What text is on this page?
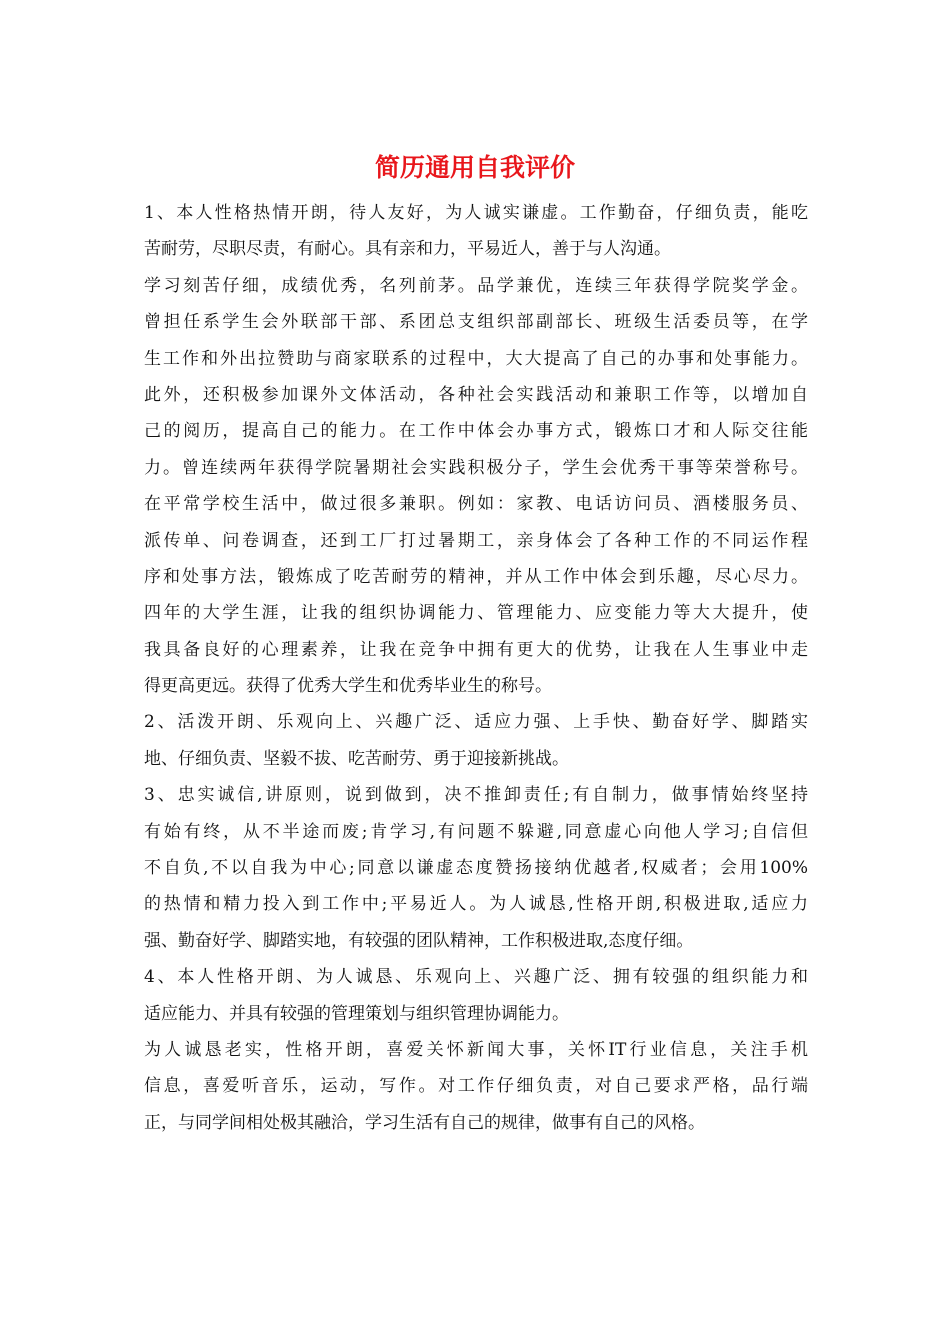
简历通用自我评价
1、本人性格热情开朗，待人友好，为人诚实谦虚。工作勤奋，仔细负责，能吃
苦耐劳，尽职尽责，有耐心。具有亲和力，平易近人，善于与人沟通。
学习刻苦仔细，成绩优秀，名列前茅。品学兼优，连续三年获得学院奖学金。
曾担任系学生会外联部干部、系团总支组织部副部长、班级生活委员等，在学
生工作和外出拉赞助与商家联系的过程中，大大提高了自己的办事和处事能力。
此外，还积极参加课外文体活动，各种社会实践活动和兼职工作等，以增加自
己的阅历，提高自己的能力。在工作中体会办事方式，锻炼口才和人际交往能
力。曾连续两年获得学院暑期社会实践积极分子，学生会优秀干事等荣誉称号。
在平常学校生活中，做过很多兼职。例如：家教、电话访问员、酒楼服务员、
派传单、问卷调查，还到工厂打过暑期工，亲身体会了各种工作的不同运作程
序和处事方法，锻炼成了吃苦耐劳的精神，并从工作中体会到乐趣，尽心尽力。
四年的大学生涯，让我的组织协调能力、管理能力、应变能力等大大提升，使
我具备良好的心理素养，让我在竞争中拥有更大的优势，让我在人生事业中走
得更高更远。获得了优秀大学生和优秀毕业生的称号。
2、活泼开朗、乐观向上、兴趣广泛、适应力强、上手快、勤奋好学、脚踏实
地、仔细负责、坚毅不拔、吃苦耐劳、勇于迎接新挑战。
3、忠实诚信,讲原则，说到做到，决不推卸责任;有自制力，做事情始终坚持
有始有终，从不半途而废;肯学习,有问题不躲避,同意虚心向他人学习;自信但
不自负,不以自我为中心;同意以谦虚态度赞扬接纳优越者,权威者；会用100%
的热情和精力投入到工作中;平易近人。为人诚恳,性格开朗,积极进取,适应力
强、勤奋好学、脚踏实地，有较强的团队精神，工作积极进取,态度仔细。
4、本人性格开朗、为人诚恳、乐观向上、兴趣广泛、拥有较强的组织能力和
适应能力、并具有较强的管理策划与组织管理协调能力。
为人诚恳老实，性格开朗，喜爱关怀新闻大事，关怀IT行业信息，关注手机
信息，喜爱听音乐，运动，写作。对工作仔细负责，对自己要求严格，品行端
正，与同学间相处极其融洽，学习生活有自己的规律，做事有自己的风格。
